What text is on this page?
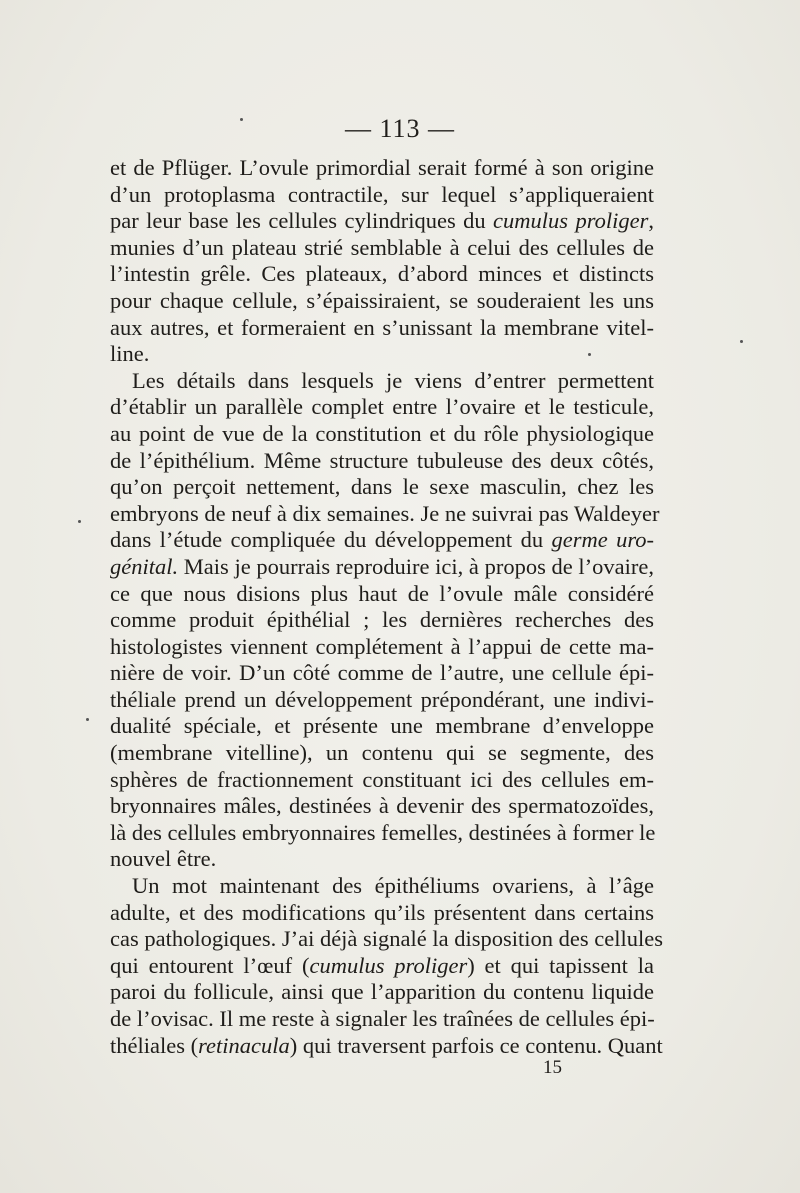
— 113 —
et de Pflüger. L’ovule primordial serait formé à son origine
d’un protoplasma contractile, sur lequel s’appliqueraient
par leur base les cellules cylindriques du cumulus proliger,
munies d’un plateau strié semblable à celui des cellules de
l’intestin grêle. Ces plateaux, d’abord minces et distincts
pour chaque cellule, s’épaissiraient, se souderaient les uns
aux autres, et formeraient en s’unissant la membrane vitel-
line.
Les détails dans lesquels je viens d’entrer permettent
d’établir un parallèle complet entre l’ovaire et le testicule,
au point de vue de la constitution et du rôle physiologique
de l’épithélium. Même structure tubuleuse des deux côtés,
qu’on perçoit nettement, dans le sexe masculin, chez les
embryons de neuf à dix semaines. Je ne suivrai pas Waldeyer
dans l’étude compliquée du développement du germe uro-
génital. Mais je pourrais reproduire ici, à propos de l’ovaire,
ce que nous disions plus haut de l’ovule mâle considéré
comme produit épithélial ; les dernières recherches des
histologistes viennent complétement à l’appui de cette ma-
nière de voir. D’un côté comme de l’autre, une cellule épi-
théliale prend un développement prépondérant, une indivi-
dualité spéciale, et présente une membrane d’enveloppe
(membrane vitelline), un contenu qui se segmente, des
sphères de fractionnement constituant ici des cellules em-
bryonnaires mâles, destinées à devenir des spermatozoïdes,
là des cellules embryonnaires femelles, destinées à former le
nouvel être.
Un mot maintenant des épithéliums ovariens, à l’âge
adulte, et des modifications qu’ils présentent dans certains
cas pathologiques. J’ai déjà signalé la disposition des cellules
qui entourent l’œuf (cumulus proliger) et qui tapissent la
paroi du follicule, ainsi que l’apparition du contenu liquide
de l’ovisac. Il me reste à signaler les traînées de cellules épi-
théliales (retinacula) qui traversent parfois ce contenu. Quant
15
